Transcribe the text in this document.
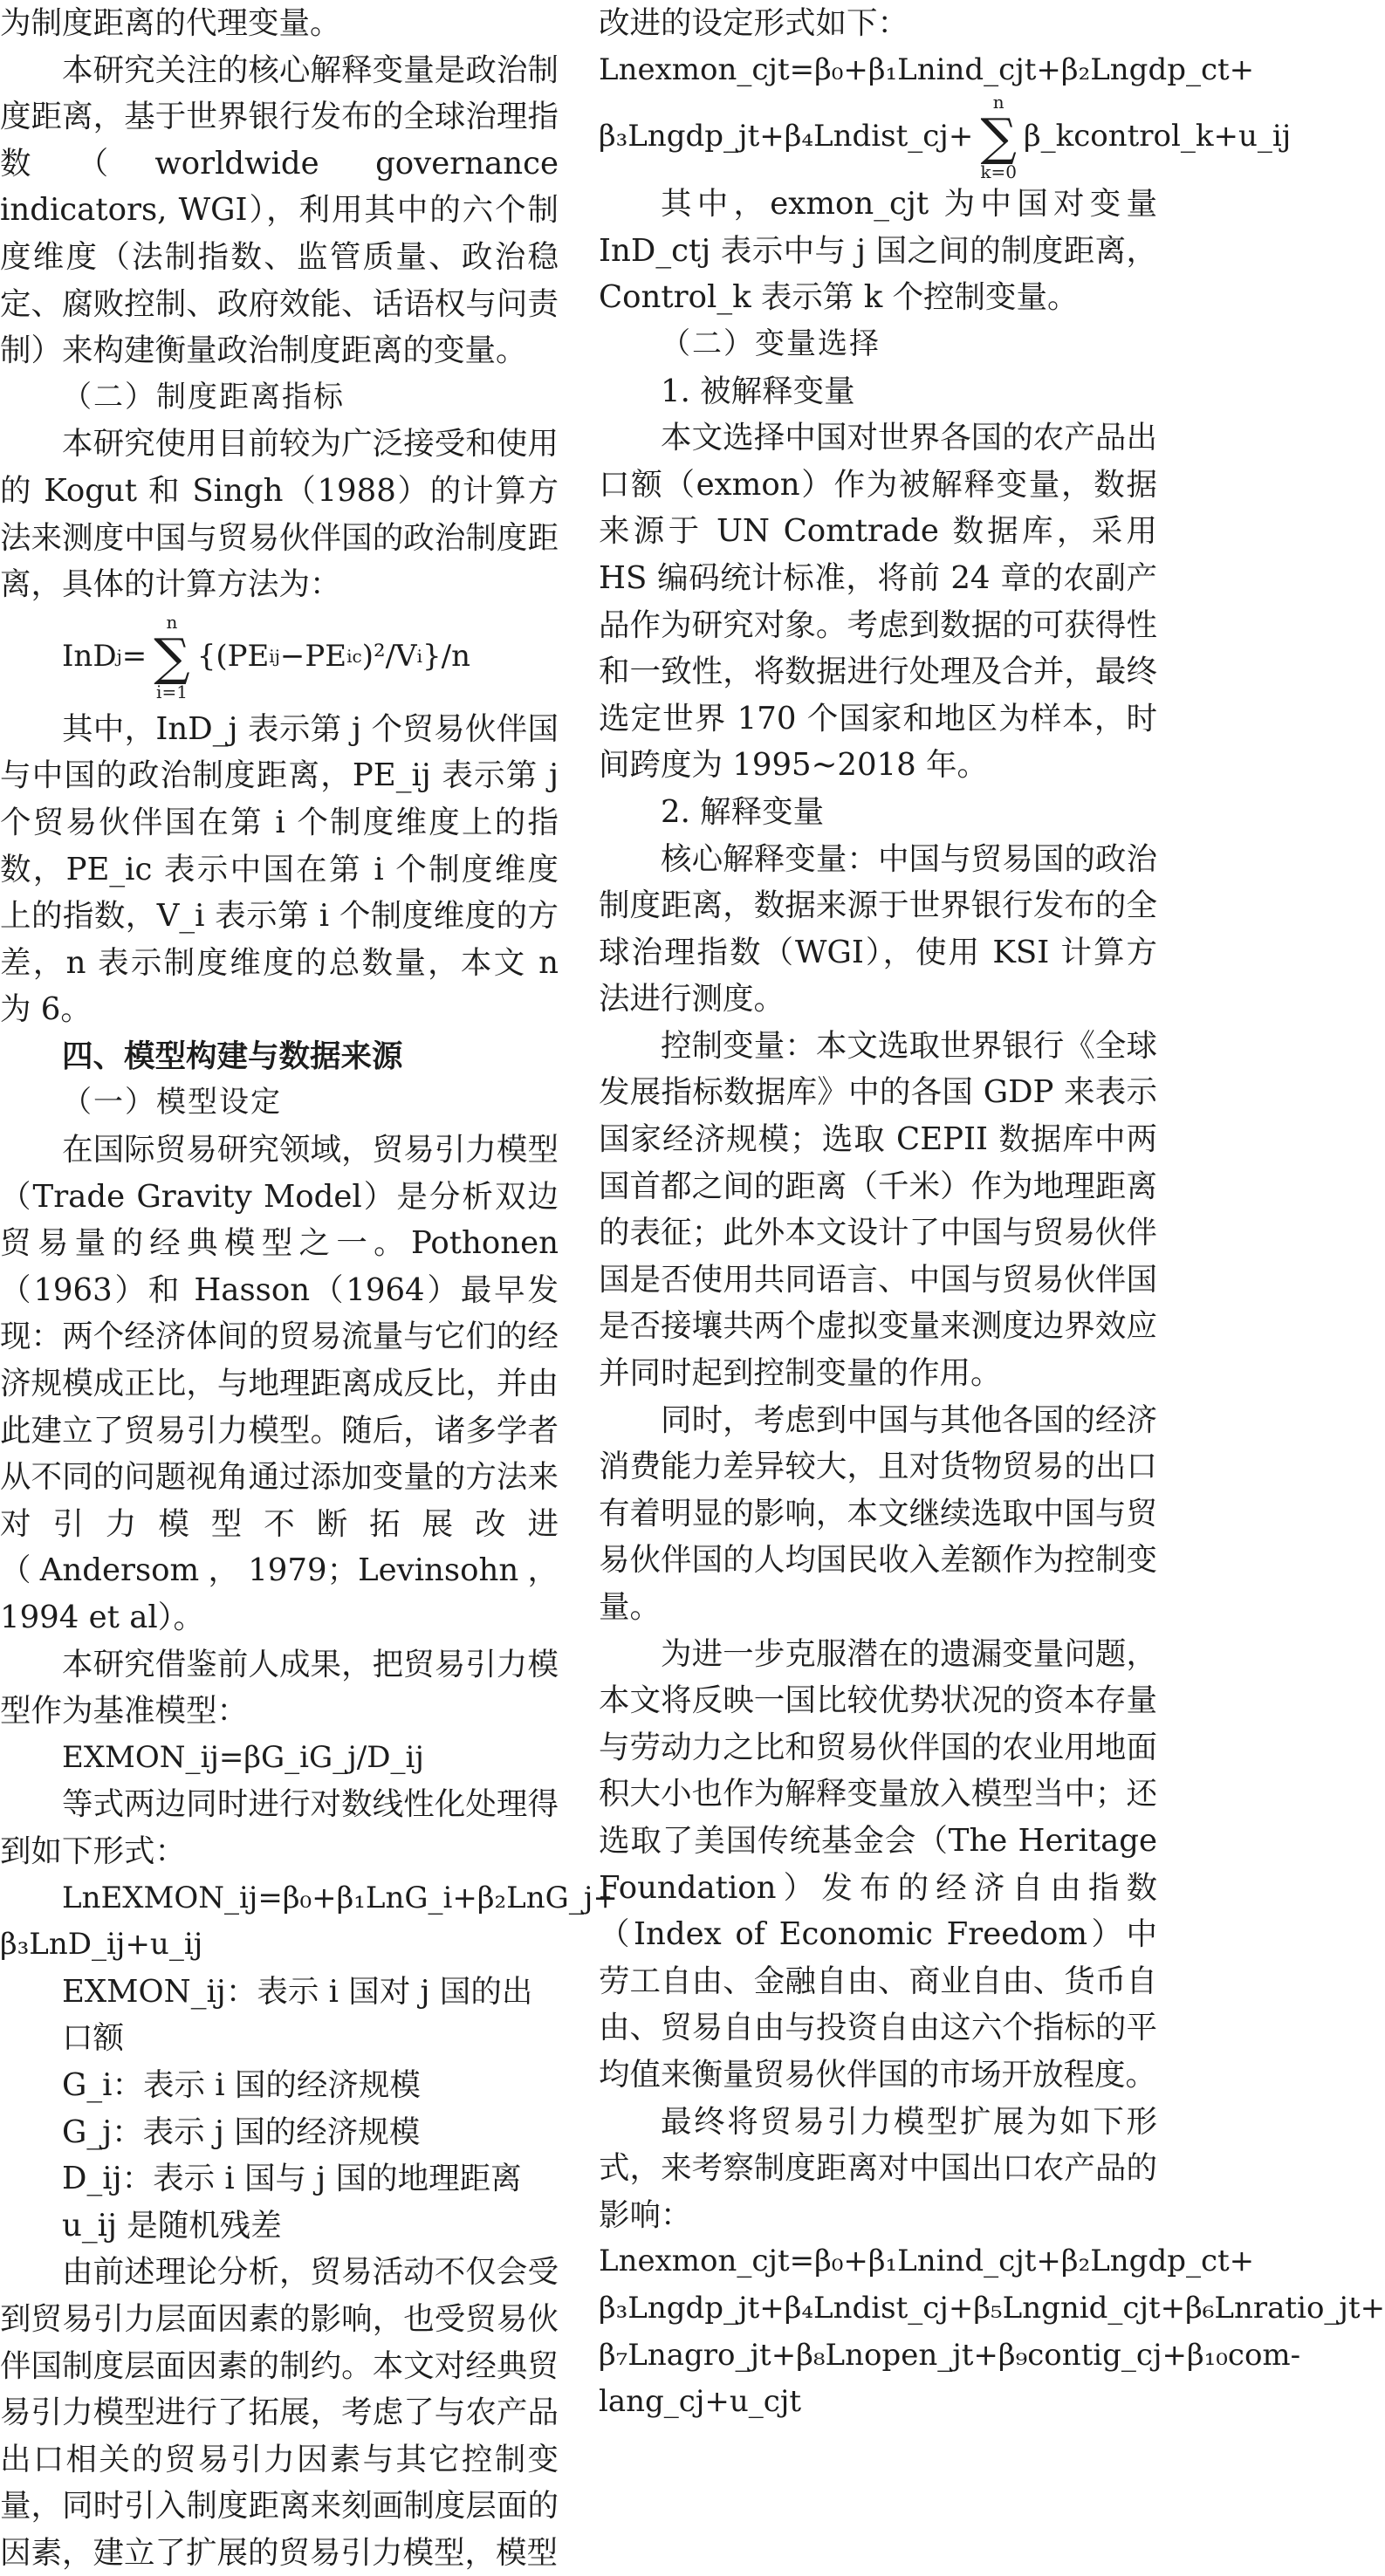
为制度距离的代理变量。

本研究关注的核心解释变量是政治制度距离，基于世界银行发布的全球治理指数（worldwide governance indicators, WGI），利用其中的六个制度维度（法制指数、监管质量、政治稳定、腐败控制、政府效能、话语权与问责制）来构建衡量政治制度距离的变量。

（二）制度距离指标

本研究使用目前较为广泛接受和使用的 Kogut 和 Singh（1988）的计算方法来测度中国与贸易伙伴国的政治制度距离，具体的计算方法为：

InD j =
n
∑
i=1
{(PE ij −PE ic )²/V i }/n

其中，InD_j 表示第 j 个贸易伙伴国与中国的政治制度距离，PE_ij 表示第 j 个贸易伙伴国在第 i 个制度维度上的指数，PE_ic 表示中国在第 i 个制度维度上的指数，V_i 表示第 i 个制度维度的方差，n 表示制度维度的总数量，本文 n 为 6。

四、模型构建与数据来源

（一）模型设定

在国际贸易研究领域，贸易引力模型（Trade Gravity Model）是分析双边贸易量的经典模型之一。Pothonen（1963）和 Hasson（1964）最早发现：两个经济体间的贸易流量与它们的经济规模成正比，与地理距离成反比，并由此建立了贸易引力模型。随后，诸多学者从不同的问题视角通过添加变量的方法来对引力模型不断拓展改进（Andersom，1979；Levinsohn，1994 et al）。

本研究借鉴前人成果，把贸易引力模型作为基准模型：

EXMON_ij=βG_iG_j/D_ij

等式两边同时进行对数线性化处理得到如下形式：

LnEXMON_ij=β₀+β₁LnG_i+β₂LnG_j+

β₃LnD_ij+u_ij

EXMON_ij：表示 i 国对 j 国的出口额

G_i：表示 i 国的经济规模

G_j：表示 j 国的经济规模

D_ij：表示 i 国与 j 国的地理距离

u_ij 是随机残差

由前述理论分析，贸易活动不仅会受到贸易引力层面因素的影响，也受贸易伙伴国制度层面因素的制约。本文对经典贸易引力模型进行了拓展，考虑了与农产品出口相关的贸易引力因素与其它控制变量，同时引入制度距离来刻画制度层面的因素，建立了扩展的贸易引力模型，模型

改进的设定形式如下：

Lnexmon_cjt=β₀+β₁Lnind_cjt+β₂Lngdp_ct+

β₃Lngdp_jt+β₄Lndist_cj+
n
∑
k=0
β_kcontrol_k+u_ij

其中，exmon_cjt 为中国对变量 InD_ctj 表示中与 j 国之间的制度距离，Control_k 表示第 k 个控制变量。

（二）变量选择

1. 被解释变量

本文选择中国对世界各国的农产品出口额（exmon）作为被解释变量，数据来源于 UN Comtrade 数据库，采用 HS 编码统计标准，将前 24 章的农副产品作为研究对象。考虑到数据的可获得性和一致性，将数据进行处理及合并，最终选定世界 170 个国家和地区为样本，时间跨度为 1995~2018 年。

2. 解释变量

核心解释变量：中国与贸易国的政治制度距离，数据来源于世界银行发布的全球治理指数（WGI），使用 KSI 计算方法进行测度。

控制变量：本文选取世界银行《全球发展指标数据库》中的各国 GDP 来表示国家经济规模；选取 CEPII 数据库中两国首都之间的距离（千米）作为地理距离的表征；此外本文设计了中国与贸易伙伴国是否使用共同语言、中国与贸易伙伴国是否接壤共两个虚拟变量来测度边界效应并同时起到控制变量的作用。

同时，考虑到中国与其他各国的经济消费能力差异较大，且对货物贸易的出口有着明显的影响，本文继续选取中国与贸易伙伴国的人均国民收入差额作为控制变量。

为进一步克服潜在的遗漏变量问题，本文将反映一国比较优势状况的资本存量与劳动力之比和贸易伙伴国的农业用地面积大小也作为解释变量放入模型当中；还选取了美国传统基金会（The Heritage Foundation）发布的经济自由指数（Index of Economic Freedom）中劳工自由、金融自由、商业自由、货币自由、贸易自由与投资自由这六个指标的平均值来衡量贸易伙伴国的市场开放程度。

最终将贸易引力模型扩展为如下形式，来考察制度距离对中国出口农产品的影响：

Lnexmon_cjt=β₀+β₁Lnind_cjt+β₂Lngdp_ct+

β₃Lngdp_jt+β₄Lndist_cj+β₅Lngnid_cjt+β₆Lnratio_jt+

β₇Lnagro_jt+β₈Lnopen_jt+β₉contig_cj+β₁₀com-

lang_cj+u_cjt
